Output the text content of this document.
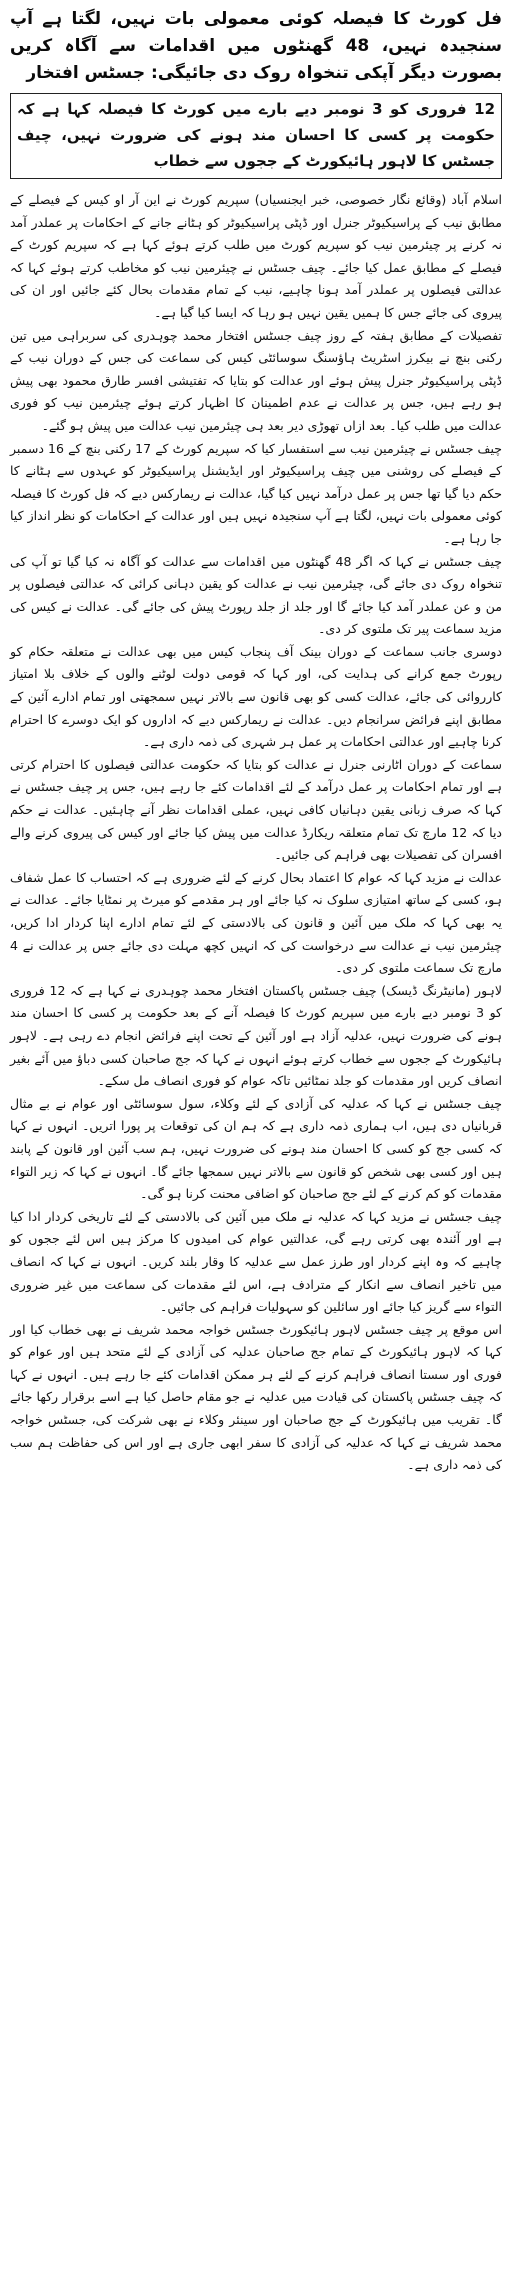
فل کورٹ کا فیصلہ کوئی معمولی بات نہیں، لگتا ہے آپ سنجیدہ نہیں، 48 گھنٹوں میں اقدامات سے آگاہ کریں بصورت دیگر آپکی تنخواہ روک دی جائیگی: جسٹس افتخار
12 فروری کو 3 نومبر دیے بارے میں کورٹ کا فیصلہ کہا ہے کہ حکومت پر کسی کا احسان مند ہونے کی ضرورت نہیں، چیف جسٹس کا لاہور ہائیکورٹ کے ججوں سے خطاب

اسلام آباد (وقائع نگار خصوصی، خبر ایجنسیاں) سپریم کورٹ نے این آر او کیس کے فیصلے کے مطابق نیب کے پراسیکیوٹر جنرل اور ڈپٹی پراسیکیوٹر کو ہٹانے جانے کے احکامات پر عملدر آمد نہ کرنے پر چیئرمین نیب کو سپریم کورٹ میں طلب کرتے ہوئے کہا ہے کہ سپریم کورٹ کے فیصلے کے مطابق عمل کیا جائے۔ چیف جسٹس نے چیئرمین نیب کو مخاطب کرتے ہوئے کہا کہ عدالتی فیصلوں پر عملدر آمد ہونا چاہیے، نیب کے تمام مقدمات بحال کئے جائیں اور ان کی پیروی کی جائے جس کا ہمیں یقین نہیں ہو رہا کہ ایسا کیا گیا ہے۔

تفصیلات کے مطابق ہفتہ کے روز چیف جسٹس افتخار محمد چوہدری کی سربراہی میں تین رکنی بنچ نے بیکرز اسٹریٹ ہاؤسنگ سوسائٹی کیس کی سماعت کی جس کے دوران نیب کے ڈپٹی پراسیکیوٹر جنرل پیش ہوئے اور عدالت کو بتایا کہ تفتیشی افسر طارق محمود بھی پیش ہو رہے ہیں، جس پر عدالت نے عدم اطمینان کا اظہار کرتے ہوئے چیئرمین نیب کو فوری عدالت میں طلب کیا۔ بعد ازاں تھوڑی دیر بعد ہی چیئرمین نیب عدالت میں پیش ہو گئے۔

چیف جسٹس نے چیئرمین نیب سے استفسار کیا کہ سپریم کورٹ کے 17 رکنی بنچ کے 16 دسمبر کے فیصلے کی روشنی میں چیف پراسیکیوٹر اور ایڈیشنل پراسیکیوٹر کو عہدوں سے ہٹانے کا حکم دیا گیا تھا جس پر عمل درآمد نہیں کیا گیا، عدالت نے ریمارکس دیے کہ فل کورٹ کا فیصلہ کوئی معمولی بات نہیں، لگتا ہے آپ سنجیدہ نہیں ہیں اور عدالت کے احکامات کو نظر انداز کیا جا رہا ہے۔

چیف جسٹس نے کہا کہ اگر 48 گھنٹوں میں اقدامات سے عدالت کو آگاہ نہ کیا گیا تو آپ کی تنخواہ روک دی جائے گی، چیئرمین نیب نے عدالت کو یقین دہانی کرائی کہ عدالتی فیصلوں پر من و عن عملدر آمد کیا جائے گا اور جلد از جلد رپورٹ پیش کی جائے گی۔ عدالت نے کیس کی مزید سماعت پیر تک ملتوی کر دی۔

دوسری جانب سماعت کے دوران بینک آف پنجاب کیس میں بھی عدالت نے متعلقہ حکام کو رپورٹ جمع کرانے کی ہدایت کی، اور کہا کہ قومی دولت لوٹنے والوں کے خلاف بلا امتیاز کارروائی کی جائے، عدالت کسی کو بھی قانون سے بالاتر نہیں سمجھتی اور تمام ادارے آئین کے مطابق اپنے فرائض سرانجام دیں۔ عدالت نے ریمارکس دیے کہ اداروں کو ایک دوسرے کا احترام کرنا چاہیے اور عدالتی احکامات پر عمل ہر شہری کی ذمہ داری ہے۔

سماعت کے دوران اٹارنی جنرل نے عدالت کو بتایا کہ حکومت عدالتی فیصلوں کا احترام کرتی ہے اور تمام احکامات پر عمل درآمد کے لئے اقدامات کئے جا رہے ہیں، جس پر چیف جسٹس نے کہا کہ صرف زبانی یقین دہانیاں کافی نہیں، عملی اقدامات نظر آنے چاہئیں۔ عدالت نے حکم دیا کہ 12 مارچ تک تمام متعلقہ ریکارڈ عدالت میں پیش کیا جائے اور کیس کی پیروی کرنے والے افسران کی تفصیلات بھی فراہم کی جائیں۔

عدالت نے مزید کہا کہ عوام کا اعتماد بحال کرنے کے لئے ضروری ہے کہ احتساب کا عمل شفاف ہو، کسی کے ساتھ امتیازی سلوک نہ کیا جائے اور ہر مقدمے کو میرٹ پر نمٹایا جائے۔ عدالت نے یہ بھی کہا کہ ملک میں آئین و قانون کی بالادستی کے لئے تمام ادارے اپنا کردار ادا کریں، چیئرمین نیب نے عدالت سے درخواست کی کہ انہیں کچھ مہلت دی جائے جس پر عدالت نے 4 مارچ تک سماعت ملتوی کر دی۔

لاہور (مانیٹرنگ ڈیسک) چیف جسٹس پاکستان افتخار محمد چوہدری نے کہا ہے کہ 12 فروری کو 3 نومبر دیے بارے میں سپریم کورٹ کا فیصلہ آنے کے بعد حکومت پر کسی کا احسان مند ہونے کی ضرورت نہیں، عدلیہ آزاد ہے اور آئین کے تحت اپنے فرائض انجام دے رہی ہے۔ لاہور ہائیکورٹ کے ججوں سے خطاب کرتے ہوئے انہوں نے کہا کہ جج صاحبان کسی دباؤ میں آئے بغیر انصاف کریں اور مقدمات کو جلد نمٹائیں تاکہ عوام کو فوری انصاف مل سکے۔

چیف جسٹس نے کہا کہ عدلیہ کی آزادی کے لئے وکلاء، سول سوسائٹی اور عوام نے بے مثال قربانیاں دی ہیں، اب ہماری ذمہ داری ہے کہ ہم ان کی توقعات پر پورا اتریں۔ انہوں نے کہا کہ کسی جج کو کسی کا احسان مند ہونے کی ضرورت نہیں، ہم سب آئین اور قانون کے پابند ہیں اور کسی بھی شخص کو قانون سے بالاتر نہیں سمجھا جائے گا۔ انہوں نے کہا کہ زیر التواء مقدمات کو کم کرنے کے لئے جج صاحبان کو اضافی محنت کرنا ہو گی۔

چیف جسٹس نے مزید کہا کہ عدلیہ نے ملک میں آئین کی بالادستی کے لئے تاریخی کردار ادا کیا ہے اور آئندہ بھی کرتی رہے گی، عدالتیں عوام کی امیدوں کا مرکز ہیں اس لئے ججوں کو چاہیے کہ وہ اپنے کردار اور طرز عمل سے عدلیہ کا وقار بلند کریں۔ انہوں نے کہا کہ انصاف میں تاخیر انصاف سے انکار کے مترادف ہے، اس لئے مقدمات کی سماعت میں غیر ضروری التواء سے گریز کیا جائے اور سائلین کو سہولیات فراہم کی جائیں۔

اس موقع پر چیف جسٹس لاہور ہائیکورٹ جسٹس خواجہ محمد شریف نے بھی خطاب کیا اور کہا کہ لاہور ہائیکورٹ کے تمام جج صاحبان عدلیہ کی آزادی کے لئے متحد ہیں اور عوام کو فوری اور سستا انصاف فراہم کرنے کے لئے ہر ممکن اقدامات کئے جا رہے ہیں۔ انہوں نے کہا کہ چیف جسٹس پاکستان کی قیادت میں عدلیہ نے جو مقام حاصل کیا ہے اسے برقرار رکھا جائے گا۔ تقریب میں ہائیکورٹ کے جج صاحبان اور سینئر وکلاء نے بھی شرکت کی، جسٹس خواجہ محمد شریف نے کہا کہ عدلیہ کی آزادی کا سفر ابھی جاری ہے اور اس کی حفاظت ہم سب کی ذمہ داری ہے۔
